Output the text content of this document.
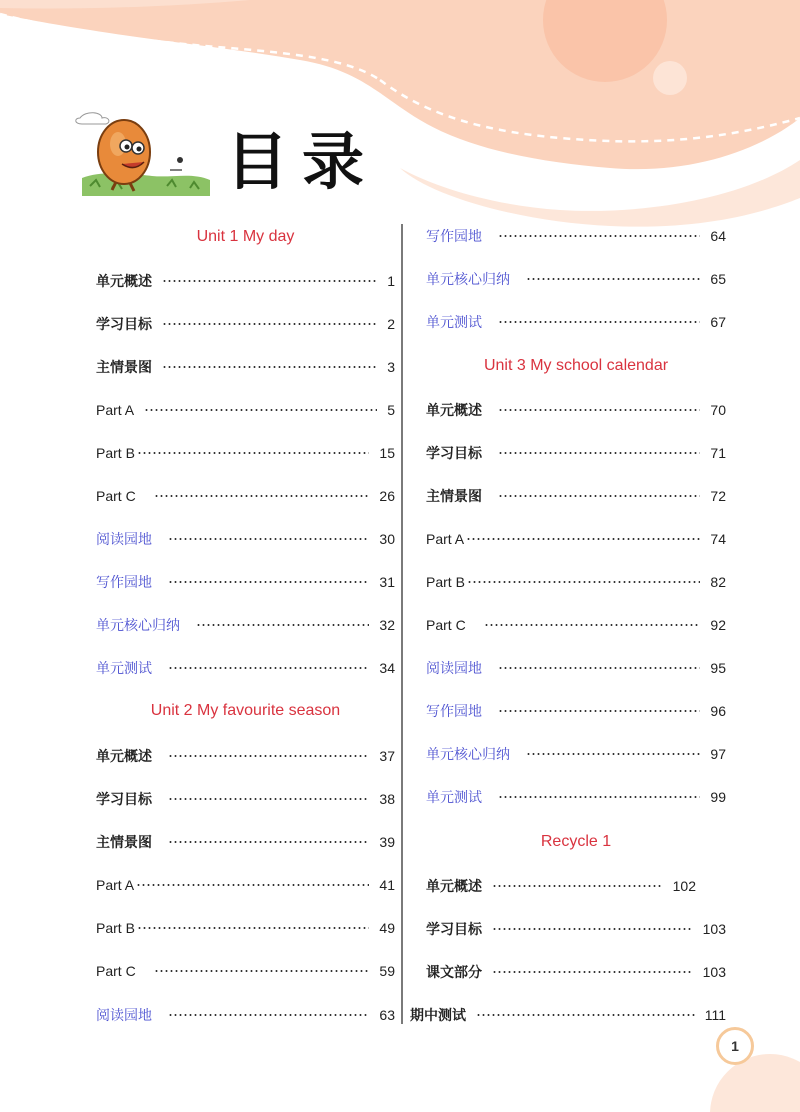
目录
Unit 1 My day
单元概述	1
学习目标	2
主情景图	3
Part A	5
Part B	15
Part C	26
阅读园地	30
写作园地	31
单元核心归纳	32
单元测试	34
Unit 2 My favourite season
单元概述	37
学习目标	38
主情景图	39
Part A	41
Part B	49
Part C	59
阅读园地	63
写作园地	64
单元核心归纳	65
单元测试	67
Unit 3 My school calendar
单元概述	70
学习目标	71
主情景图	72
Part A	74
Part B	82
Part C	92
阅读园地	95
写作园地	96
单元核心归纳	97
单元测试	99
Recycle 1
单元概述	102
学习目标	103
课文部分	103
期中测试	111
1
